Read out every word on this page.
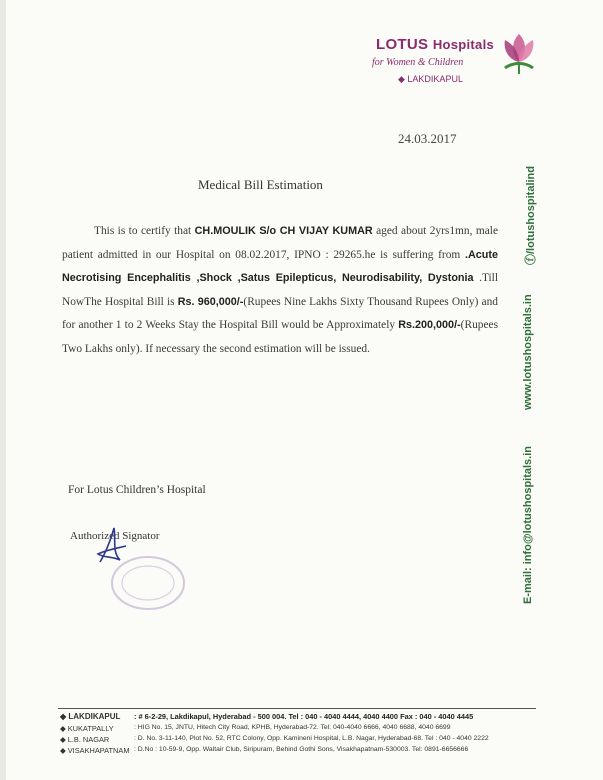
LOTUS Hospitals
for Women & Children
◆ LAKDIKAPUL
24.03.2017
Medical Bill Estimation
This is to certify that CH.MOULIK S/o CH VIJAY KUMAR aged about 2yrs1mn, male patient admitted in our Hospital on 08.02.2017, IPNO : 29265.he is suffering from .Acute Necrotising Encephalitis ,Shock ,Satus Epilepticus, Neurodisability, Dystonia .Till NowThe Hospital Bill is Rs. 960,000/-(Rupees Nine Lakhs Sixty Thousand Rupees Only) and for another 1 to 2 Weeks Stay the Hospital Bill would be Approximately Rs.200,000/-(Rupees Two Lakhs only). If necessary the second estimation will be issued.
For Lotus Children’s Hospital
Authorized Signator
ⓕ/lotushospitalind
www.lotushospitals.in
E-mail: info@lotushospitals.in
◆ LAKDIKAPUL : # 6-2-29, Lakdikapul, Hyderabad - 500 004. Tel : 040 - 4040 4444, 4040 4400 Fax : 040 - 4040 4445
◆ KUKATPALLY	: HIG No. 15, JNTU, Hitech City Road, KPHB, Hyderabad-72. Tel: 040-4040 6666, 4040 6688, 4040 6699
◆ L.B. NAGAR	: D. No. 3-11-140, Plot No. 52, RTC Colony, Opp. Kamineni Hospital, L.B. Nagar, Hyderabad-68. Tel : 040 - 4040 2222
◆ VISAKHAPATNAM : D.No : 10-59-9, Opp. Waltair Club, Siripuram, Behind Gothi Sons, Visakhapatnam-530003. Tel: 0891-6656666
